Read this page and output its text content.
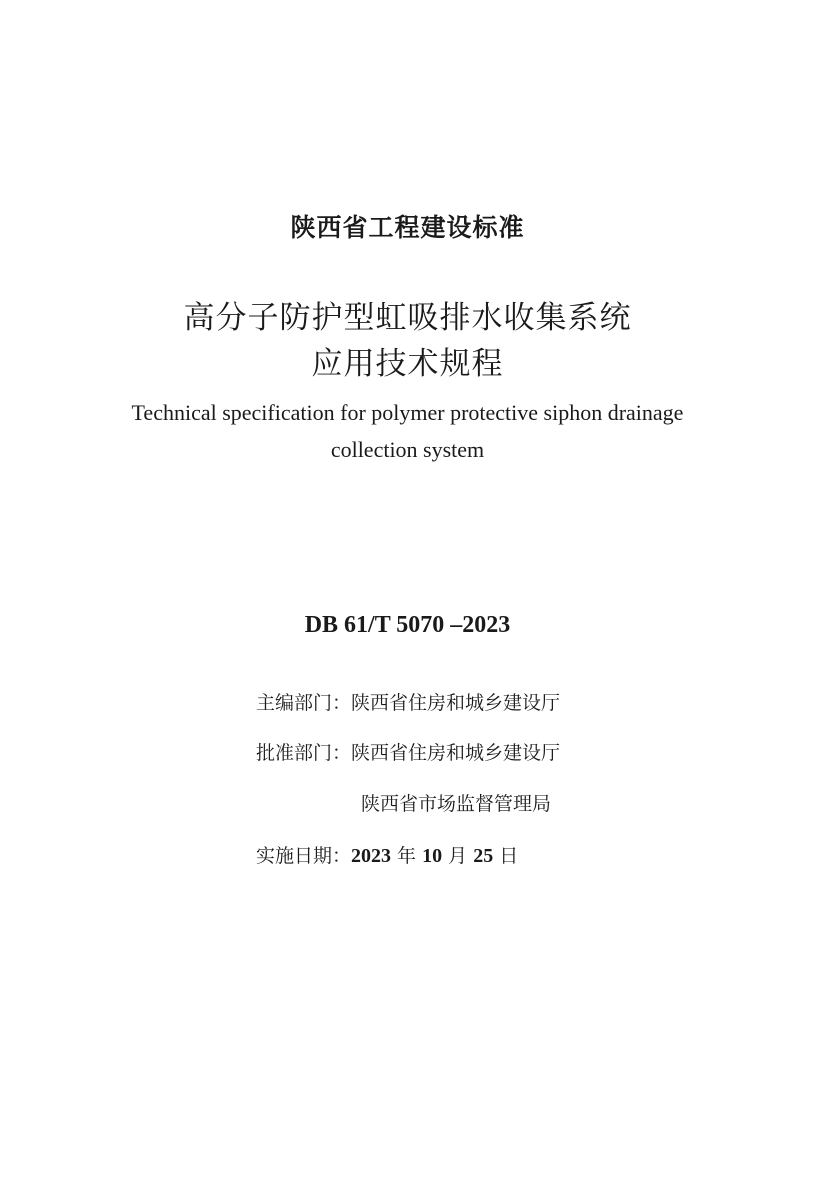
陕西省工程建设标准
高分子防护型虹吸排水收集系统
应用技术规程
Technical specification for polymer protective siphon drainage
collection system
DB 61/T 5070 –2023
主编部门：陕西省住房和城乡建设厅
批准部门：陕西省住房和城乡建设厅
陕西省市场监督管理局
实施日期：2023 年 10 月 25 日
